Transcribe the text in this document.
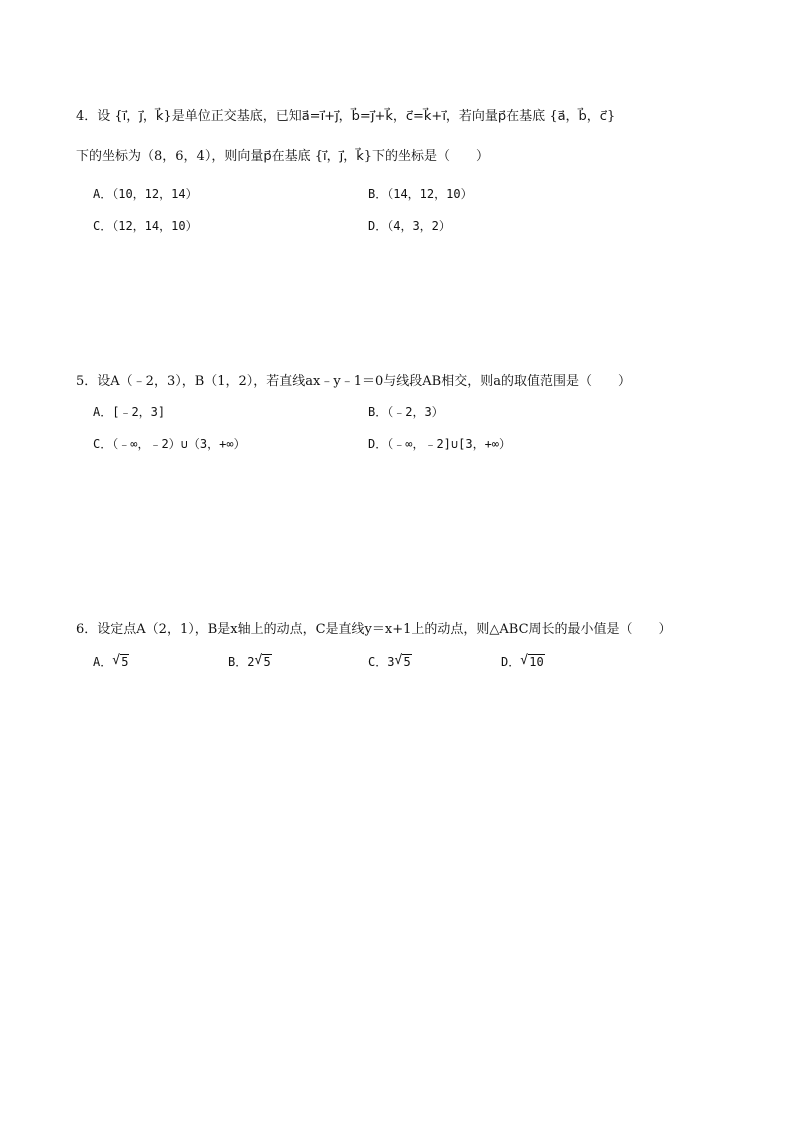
4．设 {i⃗，j⃗，k⃗}是单位正交基底，已知a⃗=i⃗+j⃗，b⃗=j⃗+k⃗，c⃗=k⃗+i⃗，若向量p⃗在基底 {a⃗，b⃗，c⃗}
下的坐标为（8，6，4），则向量p⃗在基底 {i⃗，j⃗，k⃗}下的坐标是（　　）
A．（10，12，14）	B．（14，12，10）
C．（12，14，10）	D．（4，3，2）
5．设A（﹣2，3），B（1，2），若直线ax﹣y﹣1＝0与线段AB相交，则a的取值范围是（　　）
A．[﹣2，3]	B．（﹣2，3）
C．（﹣∞，﹣2）∪（3，+∞）	D．（﹣∞，﹣2]∪[3，+∞）
6．设定点A（2，1），B是x轴上的动点，C是直线y＝x+1上的动点，则△ABC周长的最小值是（　　）
A． √ 5	B．2 √ 5	C．3 √ 5	D． √ 10
